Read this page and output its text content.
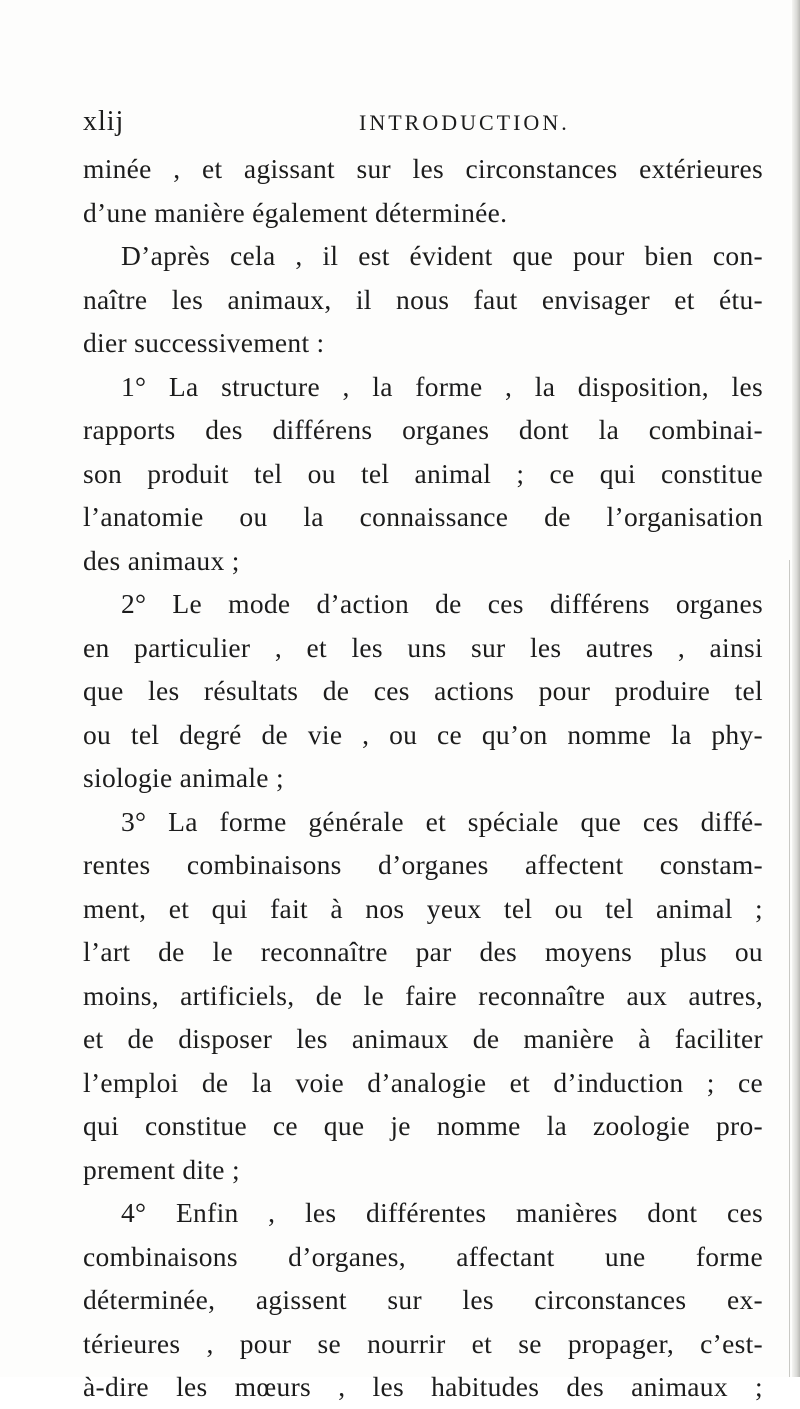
xlij	INTRODUCTION.
minée , et agissant sur les circonstances extérieures
d’une manière également déterminée.
D’après cela , il est évident que pour bien con-
naître les animaux, il nous faut envisager et étu-
dier successivement :
1° La structure , la forme , la disposition, les
rapports des différens organes dont la combinai-
son produit tel ou tel animal ; ce qui constitue
l’anatomie ou la connaissance de l’organisation
des animaux ;
2° Le mode d’action de ces différens organes
en particulier , et les uns sur les autres , ainsi
que les résultats de ces actions pour produire tel
ou tel degré de vie , ou ce qu’on nomme la phy-
siologie animale ;
3° La forme générale et spéciale que ces diffé-
rentes combinaisons d’organes affectent constam-
ment, et qui fait à nos yeux tel ou tel animal ;
l’art de le reconnaître par des moyens plus ou
moins, artificiels, de le faire reconnaître aux autres,
et de disposer les animaux de manière à faciliter
l’emploi de la voie d’analogie et d’induction ; ce
qui constitue ce que je nomme la zoologie pro-
prement dite ;
4° Enfin , les différentes manières dont ces
combinaisons d’organes, affectant une forme
déterminée, agissent sur les circonstances ex-
térieures , pour se nourrir et se propager, c’est-
à-dire les mœurs , les habitudes des animaux ;
